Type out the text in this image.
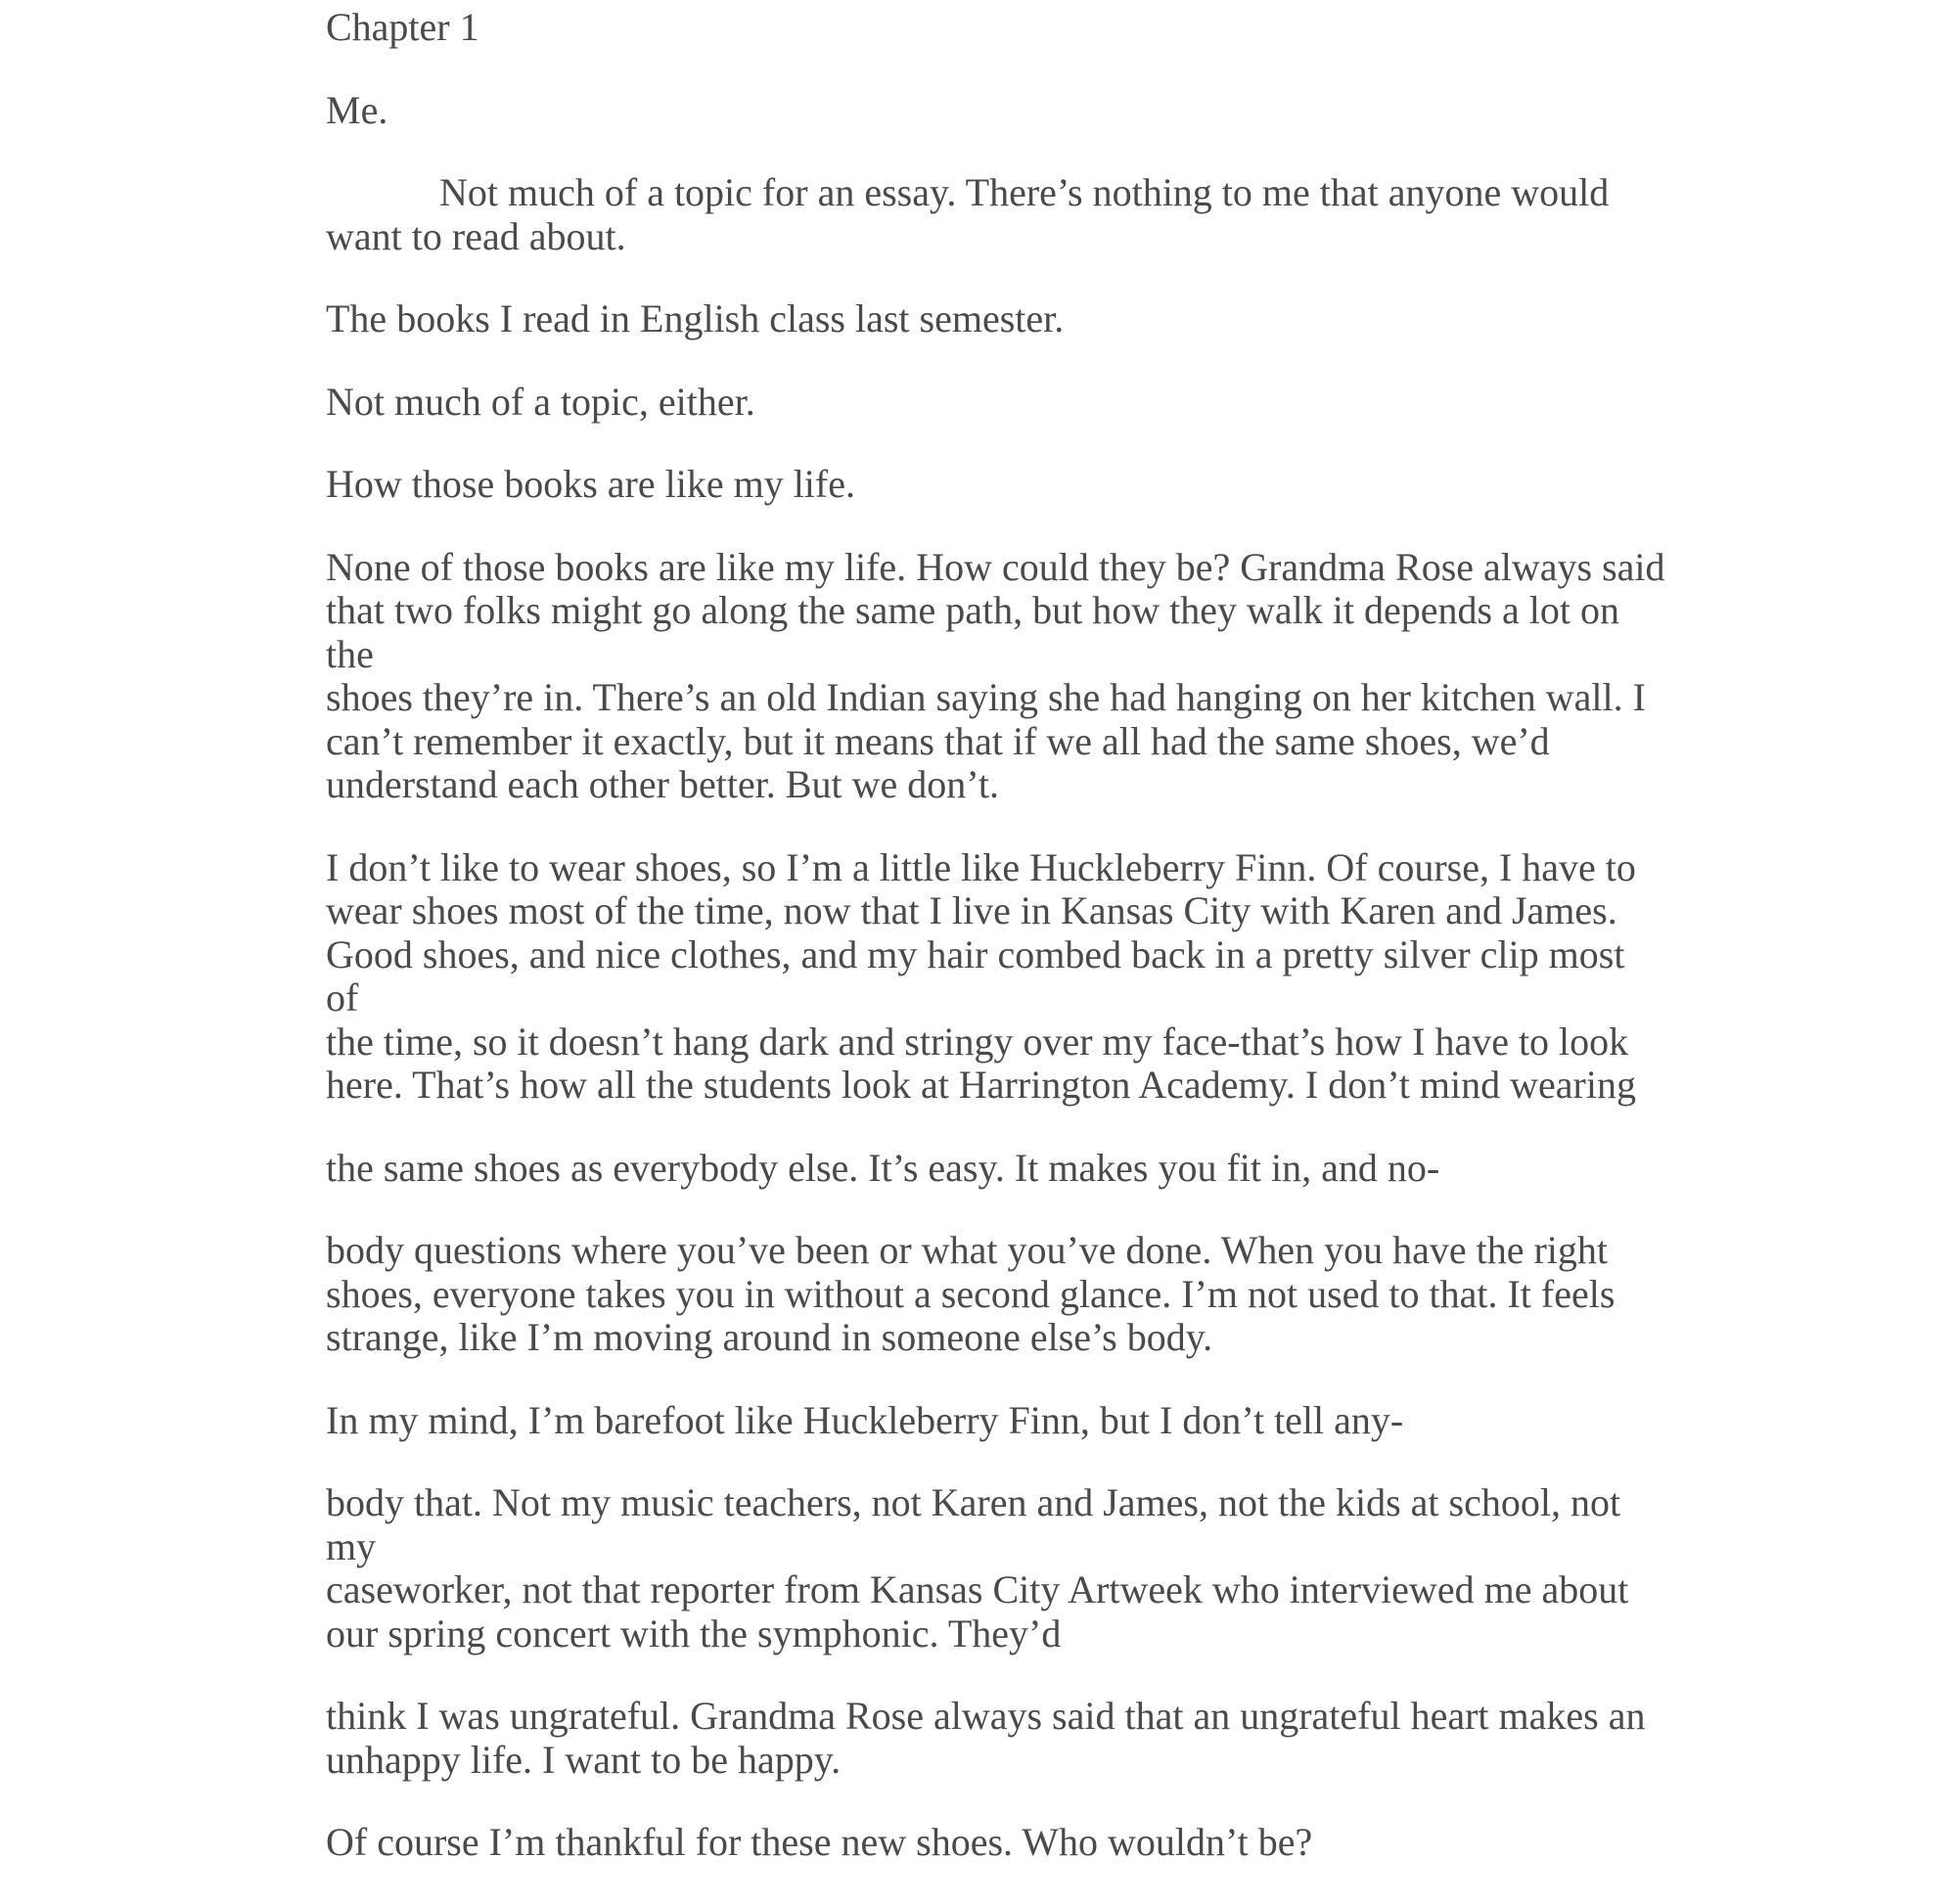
Chapter 1

Me.

Not much of a topic for an essay. There’s nothing to me that anyone would
want to read about.

The books I read in English class last semester.

Not much of a topic, either.

How those books are like my life.

None of those books are like my life. How could they be? Grandma Rose always said
that two folks might go along the same path, but how they walk it depends a lot on the
shoes they’re in. There’s an old Indian saying she had hanging on her kitchen wall. I
can’t remember it exactly, but it means that if we all had the same shoes, we’d
understand each other better. But we don’t.

I don’t like to wear shoes, so I’m a little like Huckleberry Finn. Of course, I have to
wear shoes most of the time, now that I live in Kansas City with Karen and James.
Good shoes, and nice clothes, and my hair combed back in a pretty silver clip most of
the time, so it doesn’t hang dark and stringy over my face-that’s how I have to look
here. That’s how all the students look at Harrington Academy. I don’t mind wearing

the same shoes as everybody else. It’s easy. It makes you fit in, and no-

body questions where you’ve been or what you’ve done. When you have the right
shoes, everyone takes you in without a second glance. I’m not used to that. It feels
strange, like I’m moving around in someone else’s body.

In my mind, I’m barefoot like Huckleberry Finn, but I don’t tell any-

body that. Not my music teachers, not Karen and James, not the kids at school, not my
caseworker, not that reporter from Kansas City Artweek who interviewed me about
our spring concert with the symphonic. They’d

think I was ungrateful. Grandma Rose always said that an ungrateful heart makes an
unhappy life. I want to be happy.

Of course I’m thankful for these new shoes. Who wouldn’t be?
